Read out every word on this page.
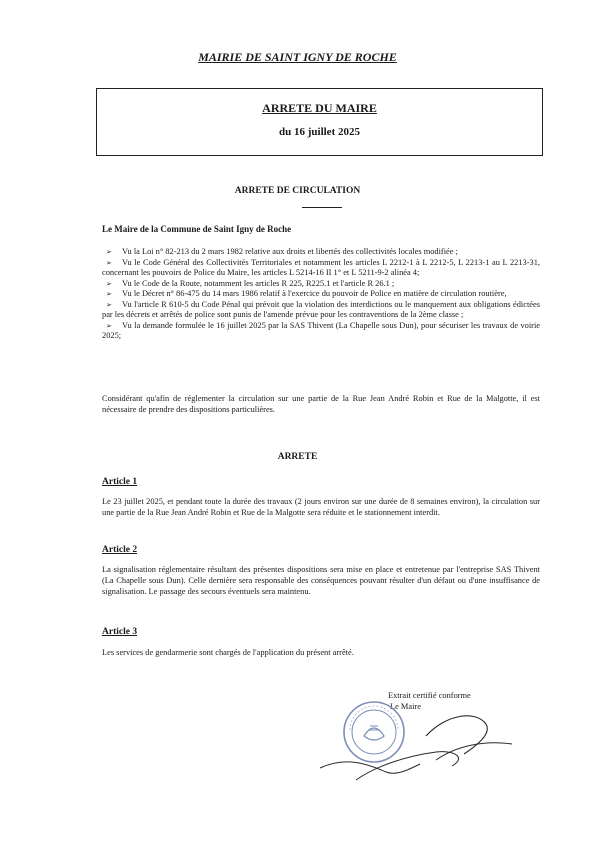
MAIRIE DE SAINT IGNY DE ROCHE
ARRETE DU MAIRE
du 16 juillet 2025
ARRETE DE CIRCULATION
Le Maire de la Commune de Saint Igny de Roche
➢ Vu la Loi n° 82-213 du 2 mars 1982 relative aux droits et libertés des collectivités locales modifiée ;
➢ Vu le Code Général des Collectivités Territoriales et notamment les articles L 2212-1 à L 2212-5, L 2213-1 au L 2213-31, concernant les pouvoirs de Police du Maire, les articles L 5214-16 II 1° et L 5211-9-2 alinéa 4;
➢ Vu le Code de la Route, notamment les articles R 225, R225.1 et l'article R 26.1 ;
➢ Vu le Décret n° 86-475 du 14 mars 1986 relatif à l'exercice du pouvoir de Police en matière de circulation routière,
➢ Vu l'article R 610-5 du Code Pénal qui prévoit que la violation des interdictions ou le manquement aux obligations édictées par les décrets et arrêtés de police sont punis de l'amende prévue pour les contraventions de la 2ème classe ;
➢ Vu la demande formulée le 16 juillet 2025 par la SAS Thivent (La Chapelle sous Dun), pour sécuriser les travaux de voirie 2025;
Considérant qu'afin de réglementer la circulation sur une partie de la Rue Jean André Robin et Rue de la Malgotte, il est nécessaire de prendre des dispositions particulières.
ARRETE
Article 1
Le 23 juillet 2025, et pendant toute la durée des travaux (2 jours environ sur une durée de 8 semaines environ), la circulation sur une partie de la Rue Jean André Robin et Rue de la Malgotte sera réduite et le stationnement interdit.
Article 2
La signalisation réglementaire résultant des présentes dispositions sera mise en place et entretenue par l'entreprise SAS Thivent (La Chapelle sous Dun). Celle dernière sera responsable des conséquences pouvant résulter d'un défaut ou d'une insuffisance de signalisation. Le passage des secours éventuels sera maintenu.
Article 3
Les services de gendarmerie sont chargés de l'application du présent arrêté.
Extrait certifié conforme
Le Maire
